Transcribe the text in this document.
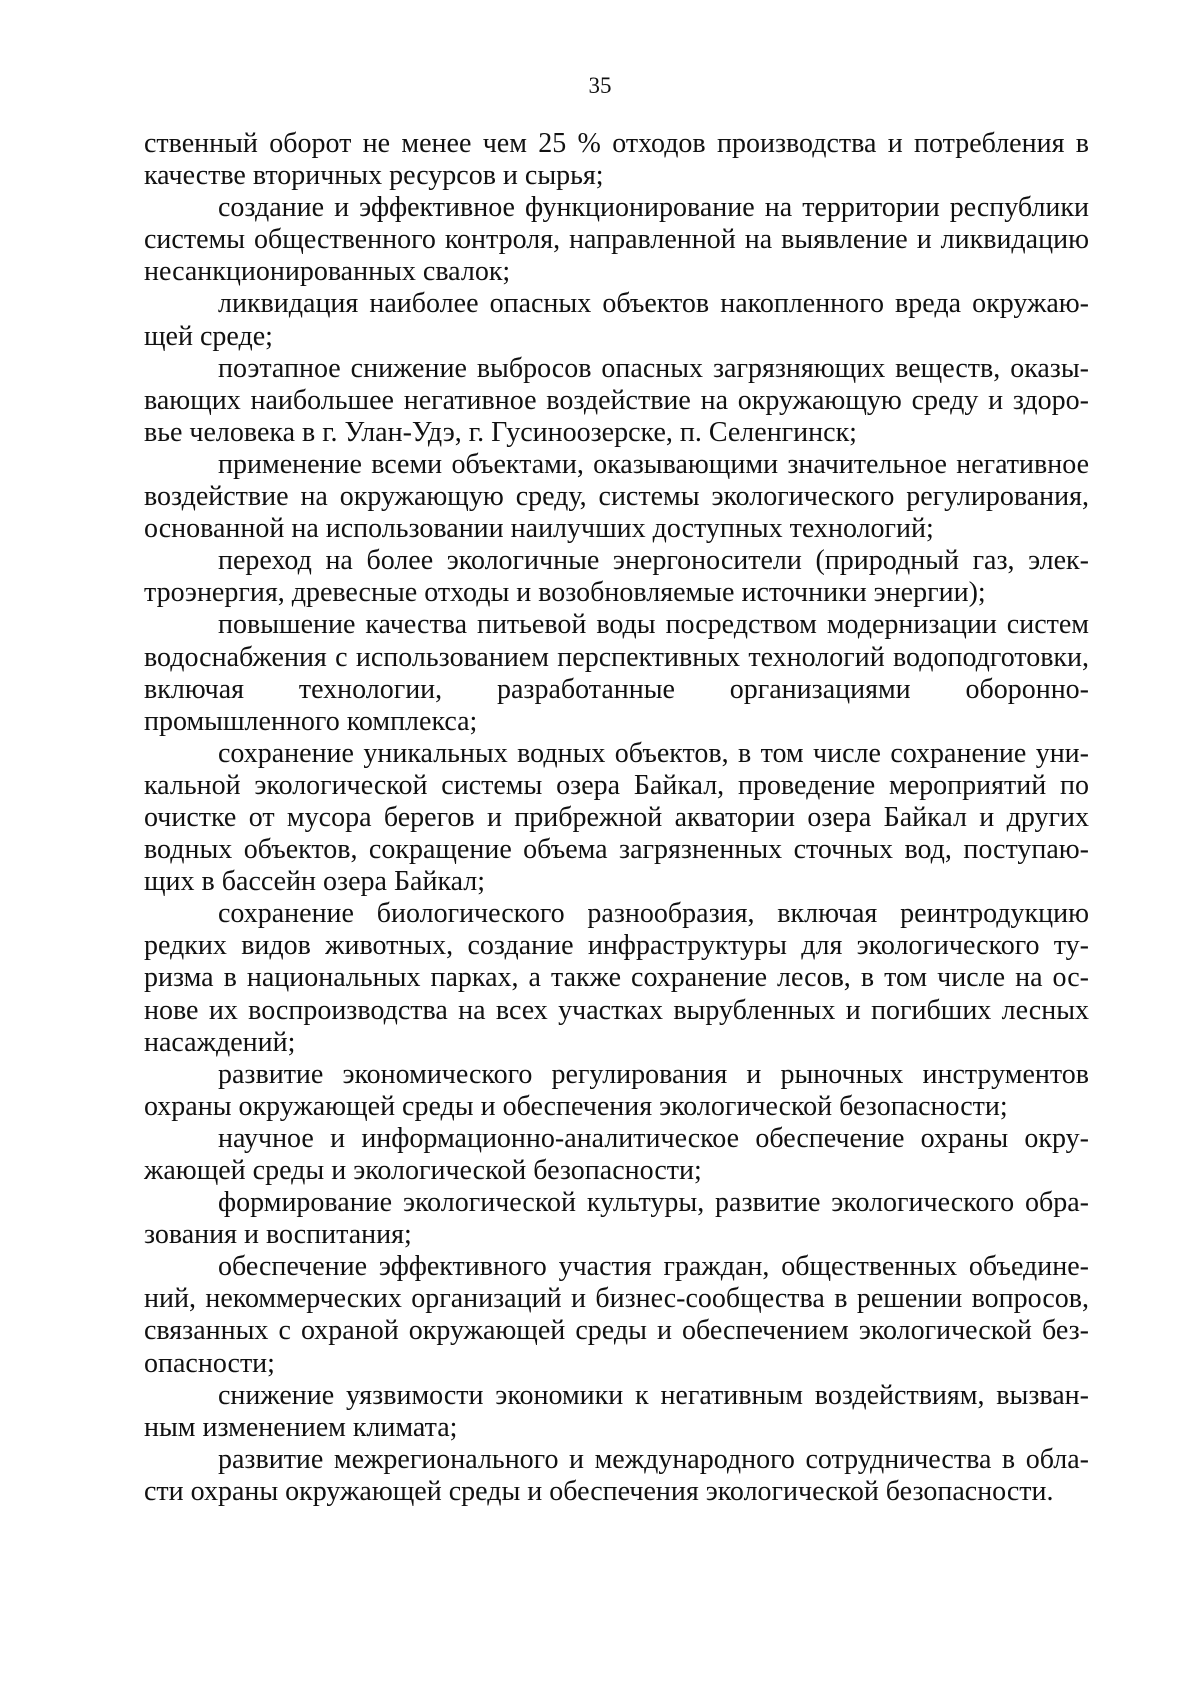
35

ственный оборот не менее чем 25 % отходов производства и потребления в качестве вторичных ресурсов и сырья;

создание и эффективное функционирование на территории республики системы общественного контроля, направленной на выявление и ликвидацию несанкционированных свалок;

ликвидация наиболее опасных объектов накопленного вреда окружающей среде;

поэтапное снижение выбросов опасных загрязняющих веществ, оказывающих наибольшее негативное воздействие на окружающую среду и здоровье человека в г. Улан-Удэ, г. Гусиноозерске, п. Селенгинск;

применение всеми объектами, оказывающими значительное негативное воздействие на окружающую среду, системы экологического регулирования, основанной на использовании наилучших доступных технологий;

переход на более экологичные энергоносители (природный газ, электроэнергия, древесные отходы и возобновляемые источники энергии);

повышение качества питьевой воды посредством модернизации систем водоснабжения с использованием перспективных технологий водоподготовки, включая технологии, разработанные организациями оборонно-промышленного комплекса;

сохранение уникальных водных объектов, в том числе сохранение уникальной экологической системы озера Байкал, проведение мероприятий по очистке от мусора берегов и прибрежной акватории озера Байкал и других водных объектов, сокращение объема загрязненных сточных вод, поступающих в бассейн озера Байкал;

сохранение биологического разнообразия, включая реинтродукцию редких видов животных, создание инфраструктуры для экологического туризма в национальных парках, а также сохранение лесов, в том числе на основе их воспроизводства на всех участках вырубленных и погибших лесных насаждений;

развитие экономического регулирования и рыночных инструментов охраны окружающей среды и обеспечения экологической безопасности;

научное и информационно-аналитическое обеспечение охраны окружающей среды и экологической безопасности;

формирование экологической культуры, развитие экологического образования и воспитания;

обеспечение эффективного участия граждан, общественных объединений, некоммерческих организаций и бизнес-сообщества в решении вопросов, связанных с охраной окружающей среды и обеспечением экологической безопасности;

снижение уязвимости экономики к негативным воздействиям, вызванным изменением климата;

развитие межрегионального и международного сотрудничества в области охраны окружающей среды и обеспечения экологической безопасности.
